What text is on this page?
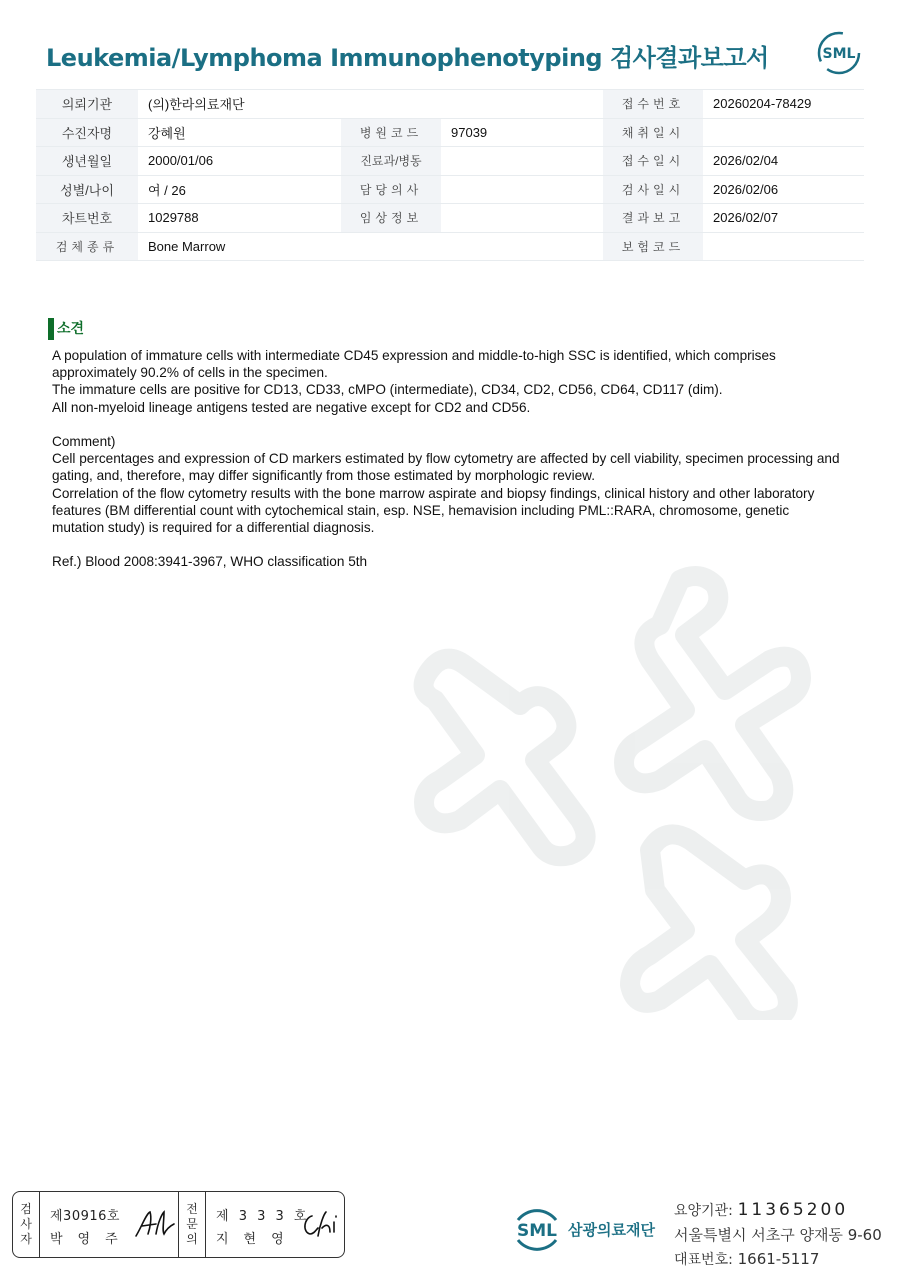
Leukemia/Lymphoma Immunophenotyping 검사결과보고서	SML
의뢰기관	(의)한라의료재단			접수번호	20260204-78429
수진자명	강혜원	병원코드	97039	채취일시	
생년월일	2000/01/06	진료과/병동		접수일시	2026/02/04
성별/나이	여 / 26	담당의사		검사일시	2026/02/06
차트번호	1029788	임상정보		결과보고	2026/02/07
검체종류	Bone Marrow			보험코드	
소견

A population of immature cells with intermediate CD45 expression and middle-to-high SSC is identified, which comprises approximately 90.2% of cells in the specimen.
The immature cells are positive for CD13, CD33, cMPO (intermediate), CD34, CD2, CD56, CD64, CD117 (dim).
All non-myeloid lineage antigens tested are negative except for CD2 and CD56.

Comment)
Cell percentages and expression of CD markers estimated by flow cytometry are affected by cell viability, specimen processing and gating, and, therefore, may differ significantly from those estimated by morphologic review.
Correlation of the flow cytometry results with the bone marrow aspirate and biopsy findings, clinical history and other laboratory features (BM differential count with cytochemical stain, esp. NSE, hemavision including PML::RARA, chromosome, genetic mutation study) is required for a differential diagnosis.

Ref.) Blood 2008:3941-3967, WHO classification 5th

검
사
자
제30916호
박영주
전
문
의
제 3 3 3 호
지현영	SML 삼광의료재단
요양기관: 11365200
서울특별시 서초구 양재동 9-60
대표번호: 1661-5117
